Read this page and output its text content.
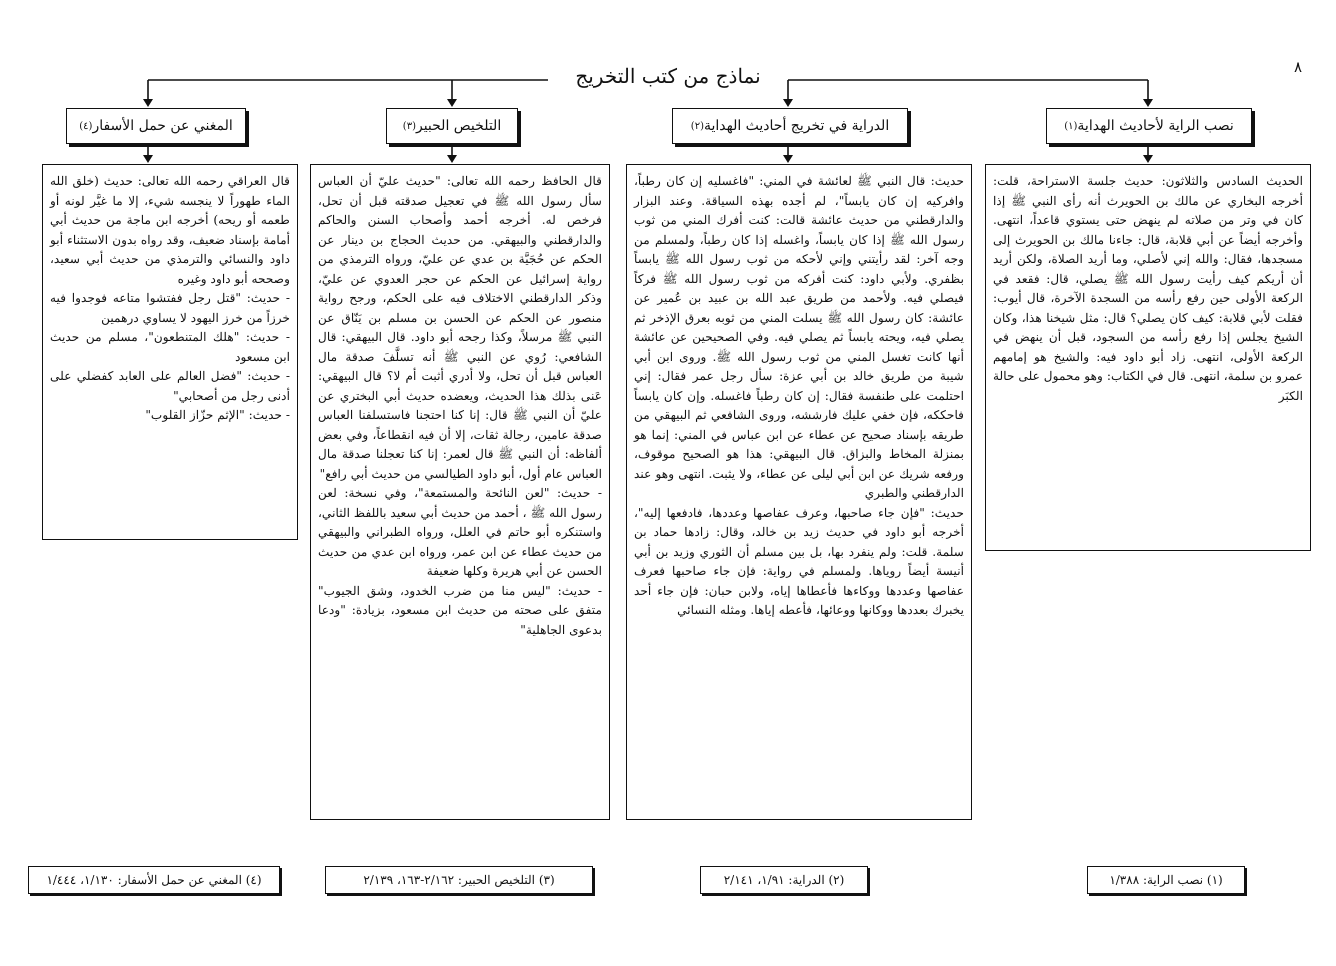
٨
نماذج من كتب التخريج
نصب الراية لأحاديث الهداية
(١)

الحديث السادس والثلاثون: حديث جلسة الاستراحة، قلت: أخرجه البخاري عن مالك بن الحويرث أنه رأى النبي ﷺ إذا كان في وتر من صلاته لم ينهض حتى يستوي قاعداً، انتهى. وأخرجه أيضاً عن أبي قلابة، قال: جاءنا مالك بن الحويرث إلى مسجدها، فقال: والله إني لأصلي، وما أريد الصلاة، ولكن أريد أن أريكم كيف رأيت رسول الله ﷺ يصلي، قال: فقعد في الركعة الأولى حين رفع رأسه من السجدة الآخرة، قال أيوب: فقلت لأبي قلابة: كيف كان يصلي؟ قال: مثل شيخنا هذا، وكان الشيخ يجلس إذا رفع رأسه من السجود، قبل أن ينهض في الركعة الأولى، انتهى. زاد أبو داود فيه: والشيخ هو إمامهم عمرو بن سلمة، انتهى. قال في الكتاب: وهو محمول على حالة الكبَر

(١) نصب الراية: ١/٣٨٨
الدراية في تخريج أحاديث الهداية
(٢)

حديث: قال النبي ﷺ لعائشة في المني: "فاغسليه إن كان رطباً، وافركيه إن كان يابساً"، لم أجده بهذه السياقة. وعند البزار والدارقطني من حديث عائشة قالت: كنت أفرك المني من ثوب رسول الله ﷺ إذا كان يابساً، واغسله إذا كان رطباً، ولمسلم من وجه آخر: لقد رأيتني وإني لأحكه من ثوب رسول الله ﷺ يابساً بظفري. ولأبي داود: كنت أفركه من ثوب رسول الله ﷺ فركاً فيصلي فيه. ولأحمد من طريق عبد الله بن عبيد بن عُمير عن عائشة: كان رسول الله ﷺ يسلت المني من ثوبه بعرق الإذخر ثم يصلي فيه، ويحته يابساً ثم يصلي فيه. وفي الصحيحين عن عائشة أنها كانت تغسل المني من ثوب رسول الله ﷺ. وروى ابن أبي شيبة من طريق خالد بن أبي عزة: سأل رجل عمر فقال: إني احتلمت على طنفسة فقال: إن كان رطباً فاغسله. وإن كان يابساً فاحككه، فإن خفي عليك فارششه، وروى الشافعي ثم البيهقي من طريقه بإسناد صحيح عن عطاء عن ابن عباس في المني: إنما هو بمنزلة المخاط والبزاق. قال البيهقي: هذا هو الصحيح موقوف، ورفعه شريك عن ابن أبي ليلى عن عطاء، ولا يثبت. انتهى وهو عند الدارقطني والطبري

حديث: "فإن جاء صاحبها، وعرف عفاصها وعددها، فادفعها إليه"، أخرجه أبو داود في حديث زيد بن خالد، وقال: زادها حماد بن سلمة. قلت: ولم ينفرد بها، بل بين مسلم أن الثوري وزيد بن أبي أنيسة أيضاً روياها. ولمسلم في رواية: فإن جاء صاحبها فعرف عفاصها وعددها ووكاءها فأعطاها إياه، ولابن حبان: فإن جاء أحد يخبرك بعددها ووكانها ووعائها، فأعطه إياها. ومثله النسائي

(٢) الدراية: ١/٩١، ٢/١٤١
التلخيص الحبير
(٣)

قال الحافظ رحمه الله تعالى: "حديث عليّ أن العباس سأل رسول الله ﷺ في تعجيل صدقته قبل أن تحل، فرخص له. أخرجه أحمد وأصحاب السنن والحاكم والدارقطني والبيهقي. من حديث الحجاج بن دينار عن الحكم عن حُجَيَّة بن عدي عن عليّ، ورواه الترمذي من رواية إسرائيل عن الحكم عن حجر العدوي عن عليّ، وذكر الدارقطني الاختلاف فيه على الحكم، ورجح رواية منصور عن الحكم عن الحسن بن مسلم بن يَنّاق عن النبي ﷺ مرسلاً، وكذا رجحه أبو داود. قال البيهقي: قال الشافعي: رُوي عن النبي ﷺ أنه تسلَّفَ صدقة مال العباس قبل أن تحل، ولا أدري أثبت أم لا؟ قال البيهقي: عَنى بذلك هذا الحديث، ويعضده حديث أبي البختري عن عليّ أن النبي ﷺ قال: إنا كنا احتجنا فاستسلفنا العباس صدقة عامين، رجالة ثقات، إلا أن فيه انقطاعاً، وفي بعض ألفاظه: أن النبي ﷺ قال لعمر: إنا كنا تعجلنا صدقة مال العباس عام أول، أبو داود الطيالسي من حديث أبي رافع"

- حديث: "لعن النائحة والمستمعة"، وفي نسخة: لعن رسول الله ﷺ ، أحمد من حديث أبي سعيد باللفظ الثاني، واستنكره أبو حاتم في العلل، ورواه الطبراني والبيهقي من حديث عطاء عن ابن عمر، ورواه ابن عدي من حديث الحسن عن أبي هريرة وكلها ضعيفة

- حديث: "ليس منا من ضرب الخدود، وشق الجيوب" متفق على صحته من حديث ابن مسعود، بزيادة: "ودعا بدعوى الجاهلية"

(٣) التلخيص الحبير: ٢/١٦٢-١٦٣، ٢/١٣٩
المغني عن حمل الأسفار
(٤)

قال العراقي رحمه الله تعالى: حديث (خلق الله الماء طهوراً لا ينجسه شيء، إلا ما غيَّر لونه أو طعمه أو ريحه) أخرجه ابن ماجة من حديث أبي أمامة بإسناد ضعيف، وقد رواه بدون الاستثناء أبو داود والنسائي والترمذي من حديث أبي سعيد، وصححه أبو داود وغيره

- حديث: "قتل رجل ففتشوا متاعه فوجدوا فيه خرزاً من خرز اليهود لا يساوي درهمين

- حديث: "هلك المتنطعون"، مسلم من حديث ابن مسعود

- حديث: "فضل العالم على العابد كفضلي على أدنى رجل من أصحابي"

- حديث: "الإثم حزّاز القلوب"

(٤) المغني عن حمل الأسفار: ١/١٣٠، ١/٤٤٤
